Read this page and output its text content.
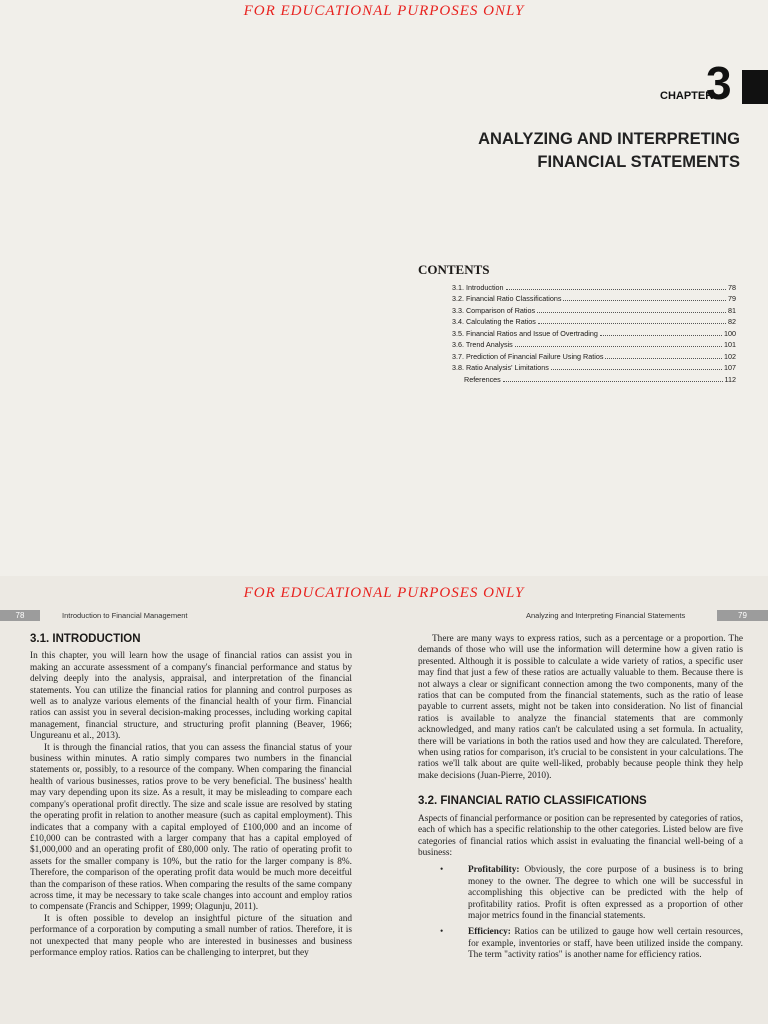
FOR EDUCATIONAL PURPOSES ONLY
CHAPTER
3
ANALYZING AND INTERPRETING
FINANCIAL STATEMENTS
CONTENTS
3.1. Introduction	78
3.2. Financial Ratio Classifications	79
3.3. Comparison of Ratios	81
3.4. Calculating the Ratios	82
3.5. Financial Ratios and Issue of Overtrading	100
3.6. Trend Analysis	101
3.7. Prediction of Financial Failure Using Ratios	102
3.8. Ratio Analysis' Limitations	107
References	112
FOR EDUCATIONAL PURPOSES ONLY
78	Introduction to Financial Management	Analyzing and Interpreting Financial Statements	79
3.1. INTRODUCTION

In this chapter, you will learn how the usage of financial ratios can assist you in making an accurate assessment of a company's financial performance and status by delving deeply into the analysis, appraisal, and interpretation of the financial statements. You can utilize the financial ratios for planning and control purposes as well as to analyze various elements of the financial health of your firm. Financial ratios can assist you in several decision-making processes, including working capital management, financial structure, and structuring profit planning (Beaver, 1966; Ungureanu et al., 2013).

It is through the financial ratios, that you can assess the financial status of your business within minutes. A ratio simply compares two numbers in the financial statements or, possibly, to a resource of the company. When comparing the financial health of various businesses, ratios prove to be very beneficial. The business' health may vary depending upon its size. As a result, it may be misleading to compare each company's operational profit directly. The size and scale issue are resolved by stating the operating profit in relation to another measure (such as capital employment). This indicates that a company with a capital employed of £100,000 and an income of £10,000 can be contrasted with a larger company that has a capital employed of $1,000,000 and an operating profit of £80,000 only. The ratio of operating profit to assets for the smaller company is 10%, but the ratio for the larger company is 8%. Therefore, the comparison of the operating profit data would be much more deceitful than the comparison of these ratios. When comparing the results of the same company across time, it may be necessary to take scale changes into account and employ ratios to compensate (Francis and Schipper, 1999; Olagunju, 2011).

It is often possible to develop an insightful picture of the situation and performance of a corporation by computing a small number of ratios. Therefore, it is not unexpected that many people who are interested in businesses and business performance employ ratios. Ratios can be challenging to interpret, but they

There are many ways to express ratios, such as a percentage or a proportion. The demands of those who will use the information will determine how a given ratio is presented. Although it is possible to calculate a wide variety of ratios, a specific user may find that just a few of these ratios are actually valuable to them. Because there is not always a clear or significant connection among the two components, many of the ratios that can be computed from the financial statements, such as the ratio of lease payable to current assets, might not be taken into consideration. No list of financial ratios is available to analyze the financial statements that are commonly acknowledged, and many ratios can't be calculated using a set formula. In actuality, there will be variations in both the ratios used and how they are calculated. Therefore, when using ratios for comparison, it's crucial to be consistent in your calculations. The ratios we'll talk about are quite well-liked, probably because people think they help make decisions (Juan-Pierre, 2010).

3.2. FINANCIAL RATIO CLASSIFICATIONS

Aspects of financial performance or position can be represented by categories of ratios, each of which has a specific relationship to the other categories. Listed below are five categories of financial ratios which assist in evaluating the financial well-being of a business:

• Profitability: Obviously, the core purpose of a business is to bring money to the owner. The degree to which one will be successful in accomplishing this objective can be predicted with the help of profitability ratios. Profit is often expressed as a proportion of other major metrics found in the financial statements.
• Efficiency: Ratios can be utilized to gauge how well certain resources, for example, inventories or staff, have been utilized inside the company. The term "activity ratios" is another name for efficiency ratios.
